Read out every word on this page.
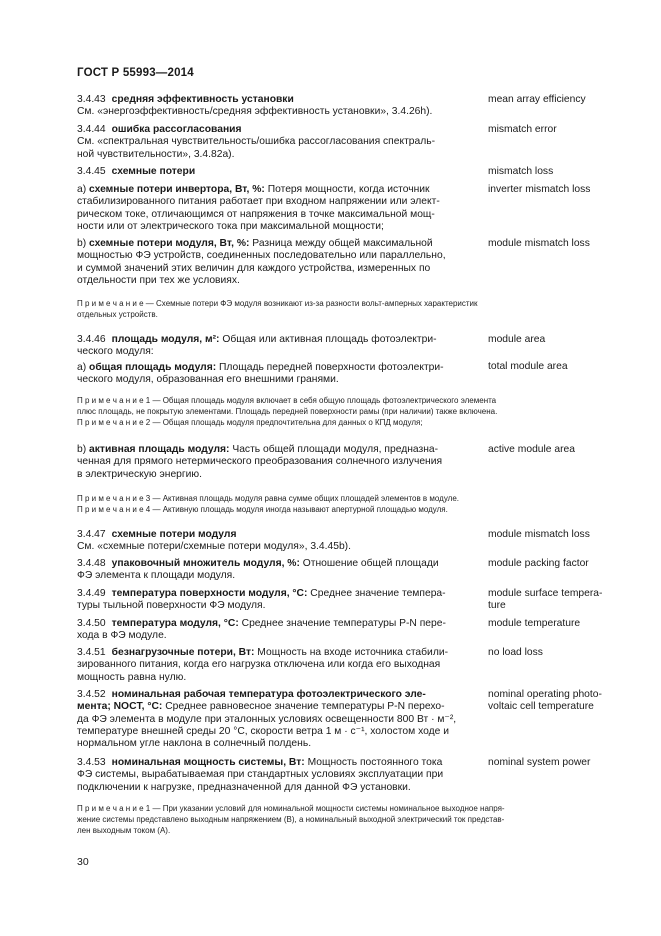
ГОСТ Р 55993—2014

3.4.43 средняя эффективность установки

См. «энергоэффективность/средняя эффективность установки», 3.4.26h).

mean array efficiency

3.4.44 ошибка рассогласования

См. «спектральная чувствительность/ошибка рассогласования спектраль-

ной чувствительности», 3.4.82a).

mismatch error

3.4.45 схемные потери	mismatch loss

a) схемные потери инвертора, Вт, %: Потеря мощности, когда источник

стабилизированного питания работает при входном напряжении или элект-

рическом токе, отличающимся от напряжения в точке максимальной мощ-

ности или от электрического тока при максимальной мощности;

inverter mismatch loss

b) схемные потери модуля, Вт, %: Разница между общей максимальной

мощностью ФЭ устройств, соединенных последовательно или параллельно,

и суммой значений этих величин для каждого устройства, измеренных по

отдельности при тех же условиях.

module mismatch loss
П р и м е ч а н и е — Схемные потери ФЭ модуля возникают из-за разности вольт-амперных характеристик
отдельных устройств.

3.4.46 площадь модуля, м²: Общая или активная площадь фотоэлектри-

ческого модуля:

a) общая площадь модуля: Площадь передней поверхности фотоэлектри-

ческого модуля, образованная его внешними гранями.

module area
total module area
П р и м е ч а н и е 1 — Общая площадь модуля включает в себя общую площадь фотоэлектрического элемента
плюс площадь, не покрытую элементами. Площадь передней поверхности рамы (при наличии) также включена.
П р и м е ч а н и е 2 — Общая площадь модуля предпочтительна для данных о КПД модуля;

b) активная площадь модуля: Часть общей площади модуля, предназна-

ченная для прямого нетермического преобразования солнечного излучения

в электрическую энергию.

active module area
П р и м е ч а н и е 3 — Активная площадь модуля равна сумме общих площадей элементов в модуле.
П р и м е ч а н и е 4 — Активную площадь модуля иногда называют апертурной площадью модуля.

3.4.47 схемные потери модуля

См. «схемные потери/схемные потери модуля», 3.4.45b).

module mismatch loss

3.4.48 упаковочный множитель модуля, %: Отношение общей площади

ФЭ элемента к площади модуля.

module packing factor

3.4.49 температура поверхности модуля, °C: Среднее значение темпера-

туры тыльной поверхности ФЭ модуля.

module surface tempera-

ture

3.4.50 температура модуля, °C: Среднее значение температуры P-N пере-

хода в ФЭ модуле.

module temperature

3.4.51 безнагрузочные потери, Вт: Мощность на входе источника стабили-

зированного питания, когда его нагрузка отключена или когда его выходная

мощность равна нулю.

no load loss

3.4.52 номинальная рабочая температура фотоэлектрического эле-

мента; NOCT, °C: Среднее равновесное значение температуры P-N перехо-

да ФЭ элемента в модуле при эталонных условиях освещенности 800 Вт · м⁻²,

температуре внешней среды 20 °С, скорости ветра 1 м · с⁻¹, холостом ходе и

нормальном угле наклона в солнечный полдень.

nominal operating photo-

voltaic cell temperature

3.4.53 номинальная мощность системы, Вт: Мощность постоянного тока

ФЭ системы, вырабатываемая при стандартных условиях эксплуатации при

подключении к нагрузке, предназначенной для данной ФЭ установки.

nominal system power
П р и м е ч а н и е 1 — При указании условий для номинальной мощности системы номинальное выходное напря-
жение системы представлено выходным напряжением (В), а номинальный выходной электрический ток представ-
лен выходным током (А).
30
